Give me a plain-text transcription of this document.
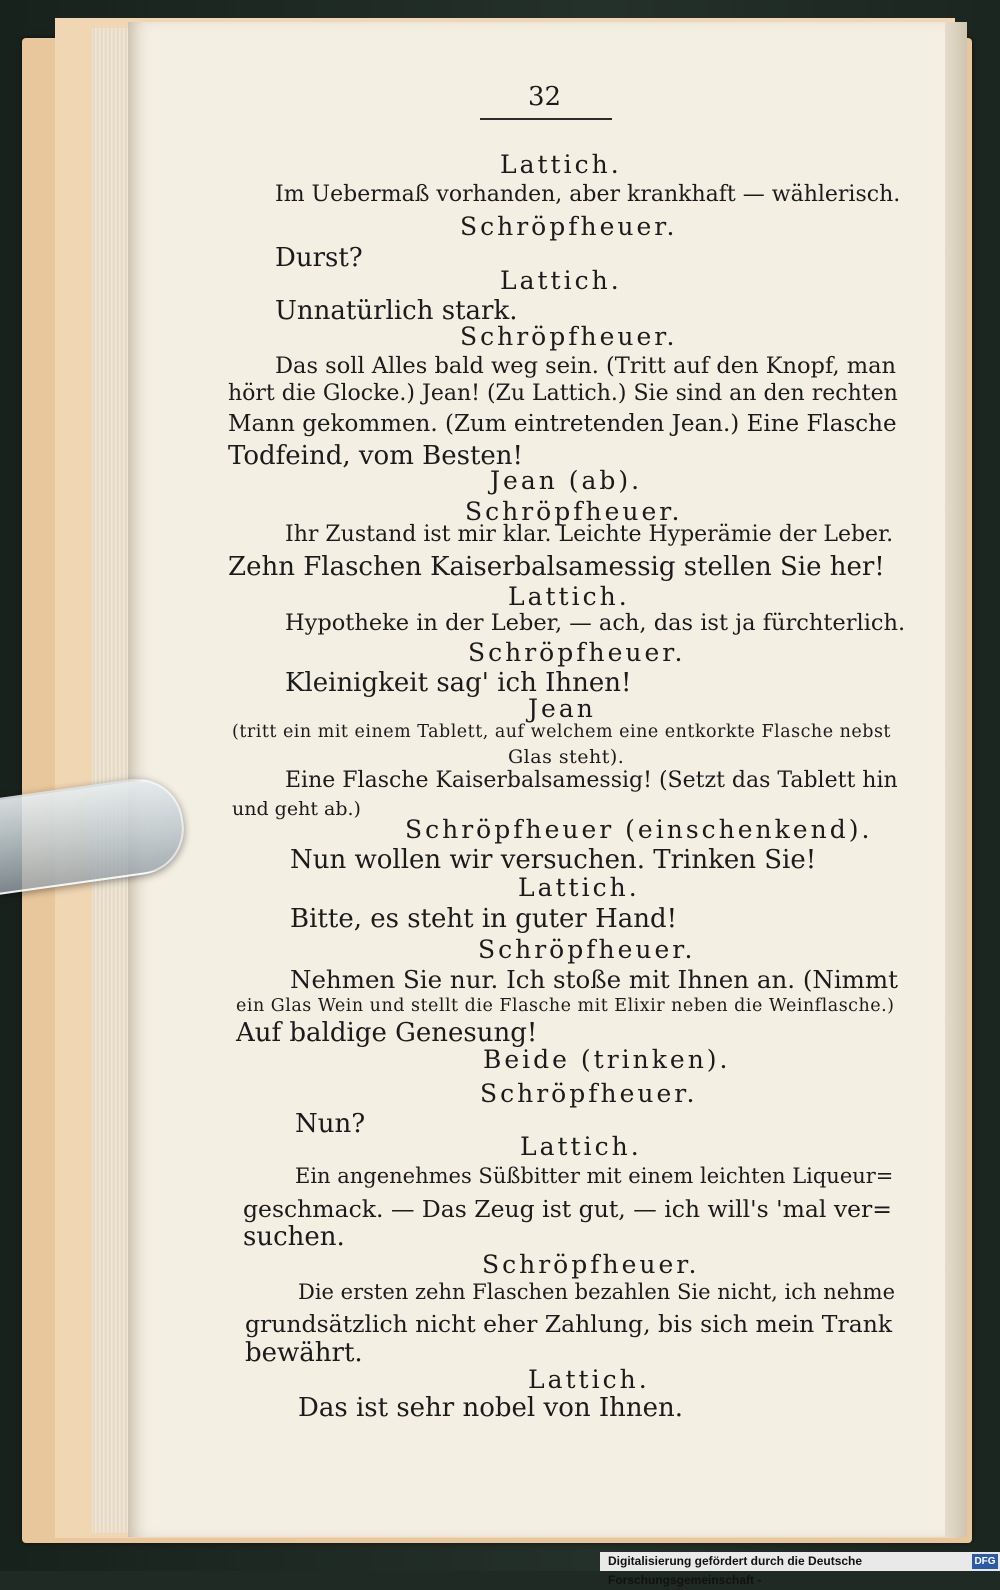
32
Lattich.
Im Uebermaß vorhanden, aber krankhaft — wählerisch.
Schröpfheuer.
Durst?
Lattich.
Unnatürlich stark.
Schröpfheuer.
Das soll Alles bald weg sein. (Tritt auf den Knopf, man
hört die Glocke.) Jean! (Zu Lattich.) Sie sind an den rechten
Mann gekommen. (Zum eintretenden Jean.) Eine Flasche
Todfeind, vom Besten!
Jean (ab).
Schröpfheuer.
Ihr Zustand ist mir klar. Leichte Hyperämie der Leber.
Zehn Flaschen Kaiserbalsamessig stellen Sie her!
Lattich.
Hypotheke in der Leber, — ach, das ist ja fürchterlich.
Schröpfheuer.
Kleinigkeit sag' ich Ihnen!
Jean
(tritt ein mit einem Tablett, auf welchem eine entkorkte Flasche nebst
Glas steht).
Eine Flasche Kaiserbalsamessig! (Setzt das Tablett hin
und geht ab.)
Schröpfheuer (einschenkend).
Nun wollen wir versuchen. Trinken Sie!
Lattich.
Bitte, es steht in guter Hand!
Schröpfheuer.
Nehmen Sie nur. Ich stoße mit Ihnen an. (Nimmt
ein Glas Wein und stellt die Flasche mit Elixir neben die Weinflasche.)
Auf baldige Genesung!
Beide (trinken).
Schröpfheuer.
Nun?
Lattich.
Ein angenehmes Süßbitter mit einem leichten Liqueur=
geschmack. — Das Zeug ist gut, — ich will's 'mal ver=
suchen.
Schröpfheuer.
Die ersten zehn Flaschen bezahlen Sie nicht, ich nehme
grundsätzlich nicht eher Zahlung, bis sich mein Trank
bewährt.
Lattich.
Das ist sehr nobel von Ihnen.
Digitalisierung gefördert durch die Deutsche Forschungsgemeinschaft -
DFG
